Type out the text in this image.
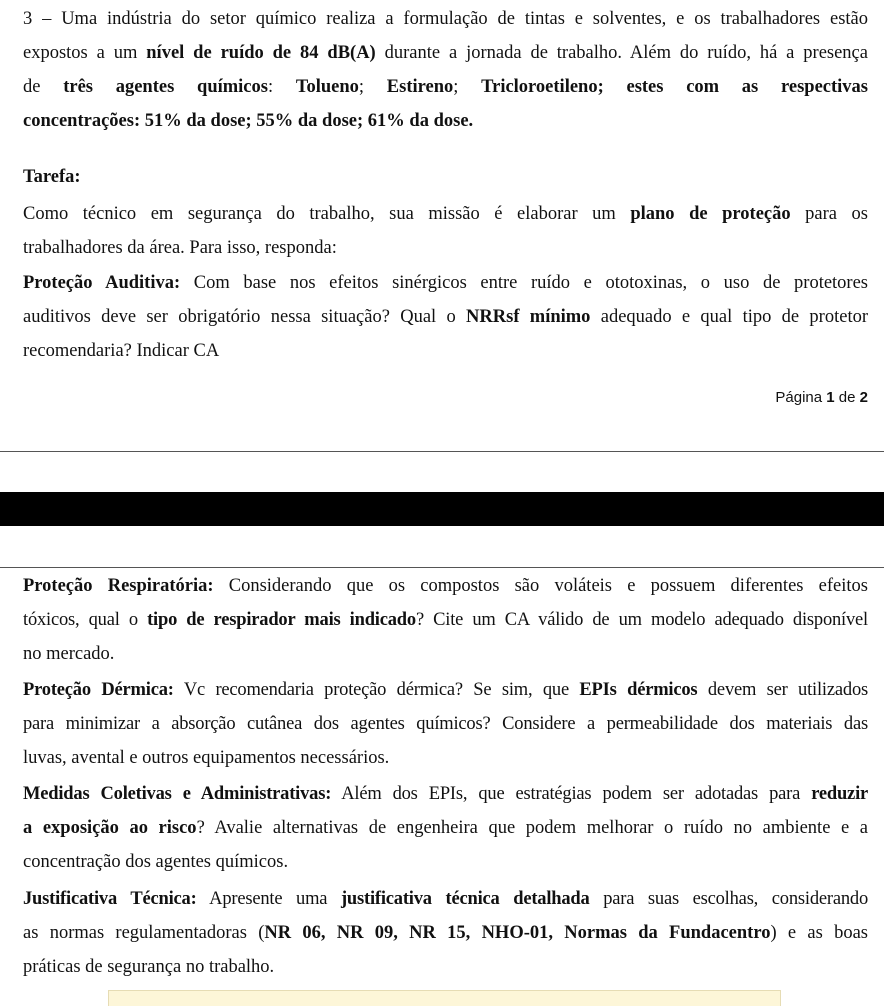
3 – Uma indústria do setor químico realiza a formulação de tintas e solventes, e os trabalhadores estão
expostos a um nível de ruído de 84 dB(A) durante a jornada de trabalho. Além do ruído, há a presença
de três agentes químicos: Tolueno; Estireno; Tricloroetileno; estes com as respectivas
concentrações: 51% da dose; 55% da dose; 61% da dose.
Tarefa:
Como técnico em segurança do trabalho, sua missão é elaborar um plano de proteção para os
trabalhadores da área. Para isso, responda:
Proteção Auditiva: Com base nos efeitos sinérgicos entre ruído e ototoxinas, o uso de protetores
auditivos deve ser obrigatório nessa situação? Qual o NRRsf mínimo adequado e qual tipo de protetor
recomendaria? Indicar CA
Página 1 de 2
Proteção Respiratória: Considerando que os compostos são voláteis e possuem diferentes efeitos
tóxicos, qual o tipo de respirador mais indicado? Cite um CA válido de um modelo adequado disponível
no mercado.
Proteção Dérmica: Vc recomendaria proteção dérmica? Se sim, que EPIs dérmicos devem ser utilizados
para minimizar a absorção cutânea dos agentes químicos? Considere a permeabilidade dos materiais das
luvas, avental e outros equipamentos necessários.
Medidas Coletivas e Administrativas: Além dos EPIs, que estratégias podem ser adotadas para reduzir
a exposição ao risco? Avalie alternativas de engenheira que podem melhorar o ruído no ambiente e a
concentração dos agentes químicos.
Justificativa Técnica: Apresente uma justificativa técnica detalhada para suas escolhas, considerando
as normas regulamentadoras (NR 06, NR 09, NR 15, NHO-01, Normas da Fundacentro) e as boas
práticas de segurança no trabalho.
